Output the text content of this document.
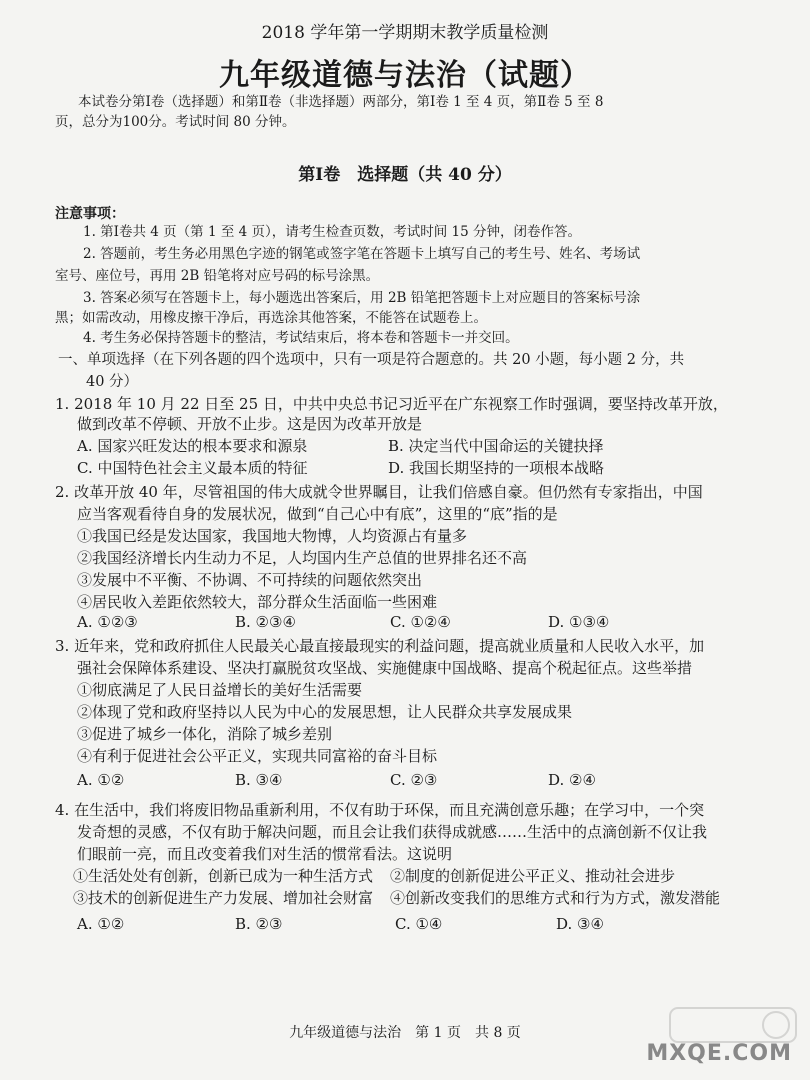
2018 学年第一学期期末教学质量检测
九年级道德与法治（试题）
本试卷分第Ⅰ卷（选择题）和第Ⅱ卷（非选择题）两部分，第Ⅰ卷 1 至 4 页，第Ⅱ卷 5 至 8
页，总分为100分。考试时间 80 分钟。
第Ⅰ卷　选择题（共 40 分）
注意事项：
1. 第Ⅰ卷共 4 页（第 1 至 4 页），请考生检查页数，考试时间 15 分钟，闭卷作答。
2. 答题前，考生务必用黑色字迹的钢笔或签字笔在答题卡上填写自己的考生号、姓名、考场试
室号、座位号，再用 2B 铅笔将对应号码的标号涂黑。
3. 答案必须写在答题卡上，每小题选出答案后，用 2B 铅笔把答题卡上对应题目的答案标号涂
黑；如需改动，用橡皮擦干净后，再选涂其他答案，不能答在试题卷上。
4. 考生务必保持答题卡的整洁，考试结束后，将本卷和答题卡一并交回。
一、单项选择（在下列各题的四个选项中，只有一项是符合题意的。共 20 小题，每小题 2 分，共
40 分）
1. 2018 年 10 月 22 日至 25 日，中共中央总书记习近平在广东视察工作时强调，要坚持改革开放，
做到改革不停顿、开放不止步。这是因为改革开放是
A. 国家兴旺发达的根本要求和源泉	B. 决定当代中国命运的关键抉择
C. 中国特色社会主义最本质的特征	D. 我国长期坚持的一项根本战略
2. 改革开放 40 年，尽管祖国的伟大成就令世界瞩目，让我们倍感自豪。但仍然有专家指出，中国
应当客观看待自身的发展状况，做到“自己心中有底”，这里的“底”指的是
①我国已经是发达国家，我国地大物博，人均资源占有量多
②我国经济增长内生动力不足，人均国内生产总值的世界排名还不高
③发展中不平衡、不协调、不可持续的问题依然突出
④居民收入差距依然较大，部分群众生活面临一些困难
A. ①②③	B. ②③④	C. ①②④	D. ①③④
3. 近年来，党和政府抓住人民最关心最直接最现实的利益问题，提高就业质量和人民收入水平，加
强社会保障体系建设、坚决打赢脱贫攻坚战、实施健康中国战略、提高个税起征点。这些举措
①彻底满足了人民日益增长的美好生活需要
②体现了党和政府坚持以人民为中心的发展思想，让人民群众共享发展成果
③促进了城乡一体化，消除了城乡差别
④有利于促进社会公平正义，实现共同富裕的奋斗目标
A. ①②	B. ③④	C. ②③	D. ②④
4. 在生活中，我们将废旧物品重新利用，不仅有助于环保，而且充满创意乐趣；在学习中，一个突
发奇想的灵感，不仅有助于解决问题，而且会让我们获得成就感……生活中的点滴创新不仅让我
们眼前一亮，而且改变着我们对生活的惯常看法。这说明
①生活处处有创新，创新已成为一种生活方式 ②制度的创新促进公平正义、推动社会进步
③技术的创新促进生产力发展、增加社会财富 ④创新改变我们的思维方式和行为方式，激发潜能
A. ①②	B. ②③	C. ①④	D. ③④
九年级道德与法治　第 1 页　共 8 页
MXQE.COM
